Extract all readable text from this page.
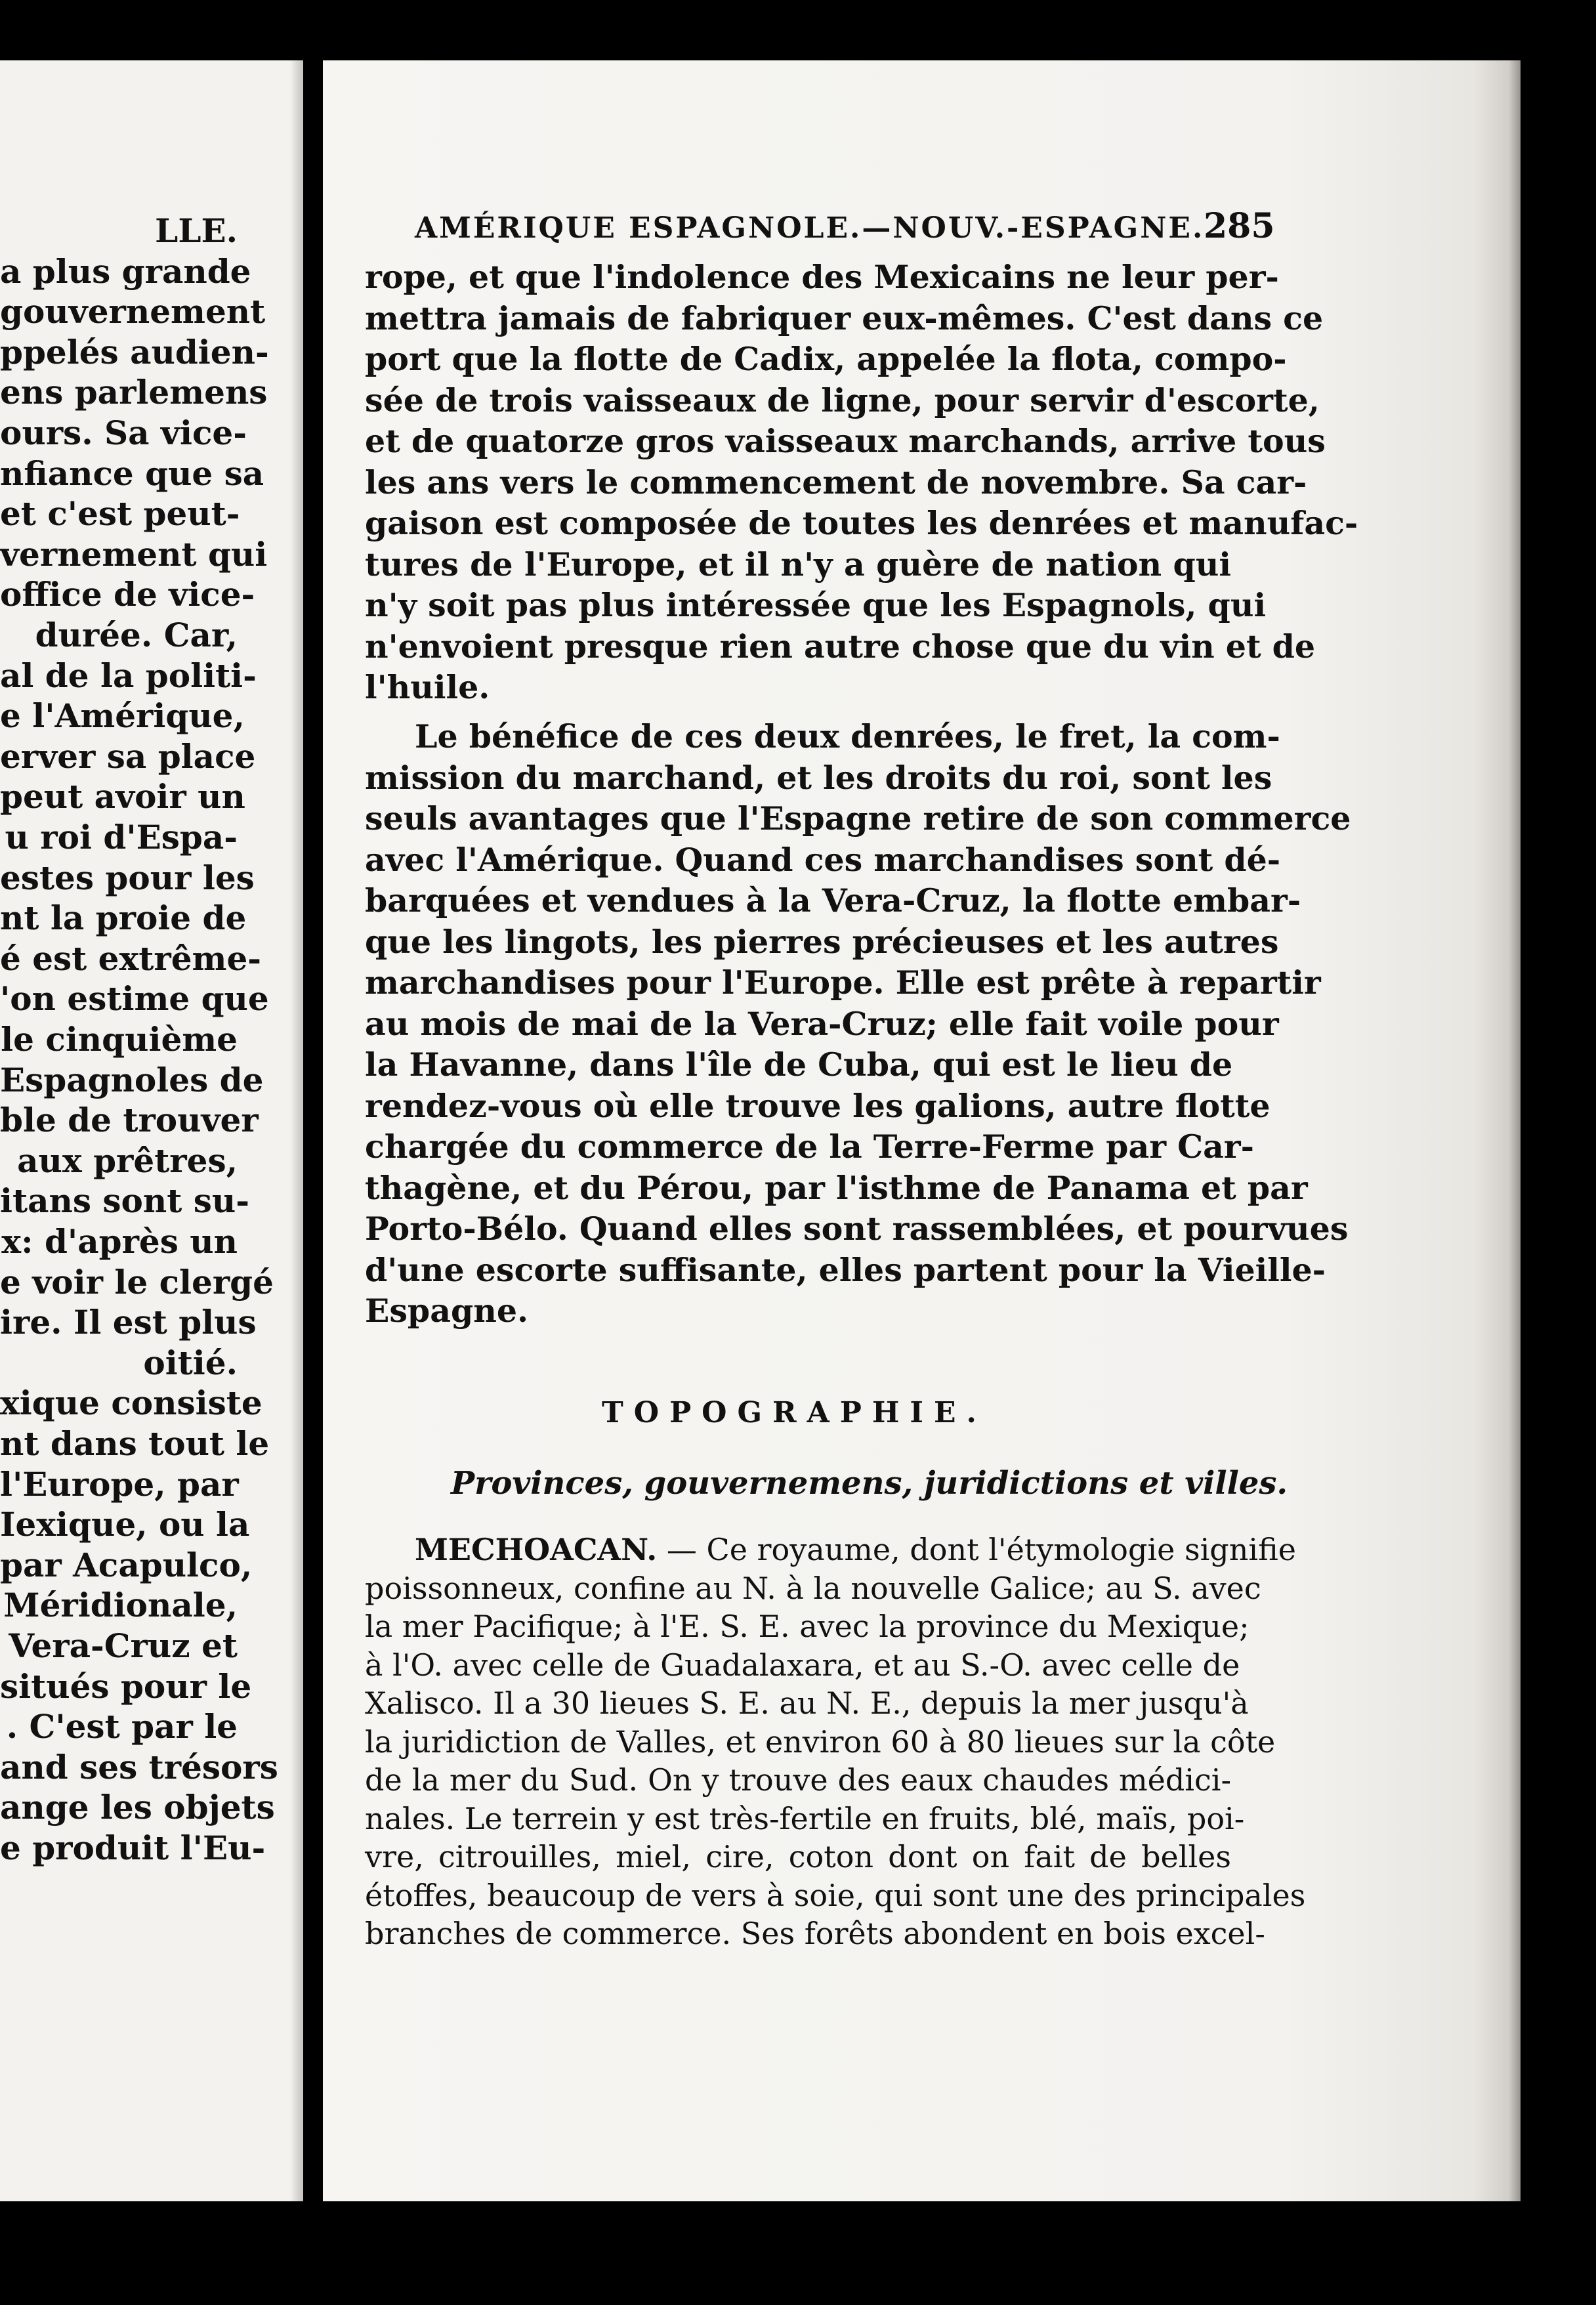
LLE.
a plus grande
gouvernement
ppelés audien-
ens parlemens
ours. Sa vice-
nfiance que sa
et c'est peut-
vernement qui
office de vice-
durée. Car,
al de la politi-
e l'Amérique,
erver sa place
peut avoir un
u roi d'Espa-
estes pour les
nt la proie de
é est extrême-
'on estime que
le cinquième
Espagnoles de
ble de trouver
aux prêtres,
itans sont su-
x: d'après un
e voir le clergé
ire. Il est plus
oitié.
xique consiste
nt dans tout le
l'Europe, par
Iexique, ou la
par Acapulco,
Méridionale,
Vera-Cruz et
situés pour le
. C'est par le
and ses trésors
ange les objets
e produit l'Eu-
AMÉRIQUE ESPAGNOLE.—NOUV.-ESPAGNE.
285
rope, et que l'indolence des Mexicains ne leur per-
mettra jamais de fabriquer eux-mêmes. C'est dans ce
port que la flotte de Cadix, appelée la flota, compo-
sée de trois vaisseaux de ligne, pour servir d'escorte,
et de quatorze gros vaisseaux marchands, arrive tous
les ans vers le commencement de novembre. Sa car-
gaison est composée de toutes les denrées et manufac-
tures de l'Europe, et il n'y a guère de nation qui
n'y soit pas plus intéressée que les Espagnols, qui
n'envoient presque rien autre chose que du vin et de
l'huile.
Le bénéfice de ces deux denrées, le fret, la com-
mission du marchand, et les droits du roi, sont les
seuls avantages que l'Espagne retire de son commerce
avec l'Amérique. Quand ces marchandises sont dé-
barquées et vendues à la Vera-Cruz, la flotte embar-
que les lingots, les pierres précieuses et les autres
marchandises pour l'Europe. Elle est prête à repartir
au mois de mai de la Vera-Cruz; elle fait voile pour
la Havanne, dans l'île de Cuba, qui est le lieu de
rendez-vous où elle trouve les galions, autre flotte
chargée du commerce de la Terre-Ferme par Car-
thagène, et du Pérou, par l'isthme de Panama et par
Porto-Bélo. Quand elles sont rassemblées, et pourvues
d'une escorte suffisante, elles partent pour la Vieille-
Espagne.
TOPOGRAPHIE.
Provinces, gouvernemens, juridictions et villes.
MECHOACAN. — Ce royaume, dont l'étymologie signifie
poissonneux, confine au N. à la nouvelle Galice; au S. avec
la mer Pacifique; à l'E. S. E. avec la province du Mexique;
à l'O. avec celle de Guadalaxara, et au S.-O. avec celle de
Xalisco. Il a 30 lieues S. E. au N. E., depuis la mer jusqu'à
la juridiction de Valles, et environ 60 à 80 lieues sur la côte
de la mer du Sud. On y trouve des eaux chaudes médici-
nales. Le terrein y est très-fertile en fruits, blé, maïs, poi-
vre, citrouilles, miel, cire, coton dont on fait de belles
étoffes, beaucoup de vers à soie, qui sont une des principales
branches de commerce. Ses forêts abondent en bois excel-
